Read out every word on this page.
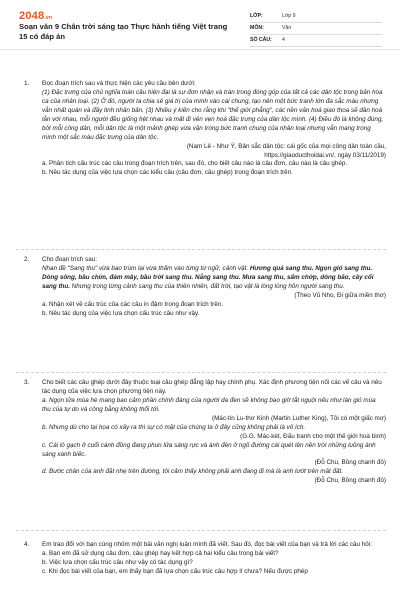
2048.vn
Soạn văn 9 Chân trời sáng tạo Thực hành tiếng Việt trang 15 có đáp án
LỚP:	Lớp 9
MÔN:	Văn
SỐ CÂU:	4
1. Đọc đoạn trích sau và thực hiện các yêu cầu bên dưới:

(1) Đặc trưng của chủ nghĩa toàn cầu hiện đại là sự đơn nhận và tràn trong đóng góp của tất cả các dân tộc trong bản hòa ca của nhân loại. (2) Ở đó, người ta chia sẻ giá trị của mình vào cái chung, tạo nên một bức tranh lớn đa sắc màu nhưng vẫn nhất quán và đầy tinh nhân bản. (3) Nhiều ý kiến cho rằng khi "thế giới phẳng", các nền văn hoá giao thoa sẽ dần hoà lẫn với nhau, mỗi người đều giống hệt nhau và mất đi vẻn vẹn hoá đặc trưng của dân tộc mình. (4) Điều đó là không đúng, bởi mỗi công dân, mỗi dân tộc là một mảnh ghép vừa vặn trong bức tranh chung của nhân loại nhưng vẫn mang trong mình một sắc màu đặc trưng của dân tộc.

(Nam Lê - Như Ý, Bản sắc dân tộc: cái gốc của mọi công dân toàn cầu,

https://giaoducthoidai.vn/, ngày 03/11/2019)

a. Phân tích cấu trúc các câu trong đoạn trích trên, sau đó, cho biết câu nào là câu đơn, câu nào là câu ghép.

b. Nêu tác dụng của việc lựa chọn các kiểu câu (câu đơn, câu ghép) trong đoạn trích trên.

2. Cho đoạn trích sau:

Nhan đề "Sang thu" vừa bao trùm lại vừa thấm vào từng từ ngữ, cảnh vật. Hương quả sang thu. Ngọn gió sang thu. Dòng sông, bầu chim, đám mây, bầu trời sang thu. Nắng sang thu. Mưa sang thu, sấm chớp, dông bão, cây cối sang thu. Nhưng trong từng cảnh sang thu của thiên nhiên, đất trời, tạo vật là lòng lòng hồn người sang thu.

(Theo Vũ Nho, Đi giữa miền thơ)

a. Nhận xét về cấu trúc của các câu in đậm trong đoạn trích trên.

b. Nêu tác dụng của việc lựa chọn cấu trúc câu như vậy.

3. Cho biết các câu ghép dưới đây thuộc loại câu ghép đẳng lập hay chính phụ. Xác định phương tiện nối các vế câu và nêu tác dụng của việc lựa chọn phương tiện này.

a. Ngọn lửa mùa hè mang bao cảm phần chính đáng của người da đen sẽ không bao giờ tắt ngụội nếu như làn gió mùa thu của tự do và công bằng không thổi tới.

(Mác-tin Lu-thơ Kinh (Martin Luther King), Tôi có một giấc mơ)

b. Nhưng dù cho tại họa có xảy ra thì sự có mặt của chúng ta ở đây cũng không phải là vô ích.

(G.G. Mác-két, Đấu tranh cho một thế giới hoà bình)

c. Cái lò gạch ở cuối cánh đồng đang phun lửa sáng rực và ánh đèn ở ngõ đường cái quét lên nền trời những luồng ánh sáng xanh biếc.

(Đỗ Chu, Bồng chanh đỏ)

d. Bước chân của anh đặt nhẹ trên đường, tôi cảm thấy không phải anh đang đi mà là anh lướt trên mặt đất.

(Đỗ Chu, Bồng chanh đỏ)

4. Em trao đổi với bạn cùng nhóm một bài văn nghị luận mình đã viết. Sau đó, đọc bài viết của bạn và trả lời các câu hỏi:

a. Bạn em đã sử dụng câu đơn, câu ghép hay kết hợp cả hai kiểu câu trong bài viết?

b. Việc lựa chọn cấu trúc câu như vậy có tác dụng gì?

c. Khi đọc bài viết của bạn, em thấy bạn đã lựa chọn cấu trúc câu hợp lí chưa? Nếu được phép
